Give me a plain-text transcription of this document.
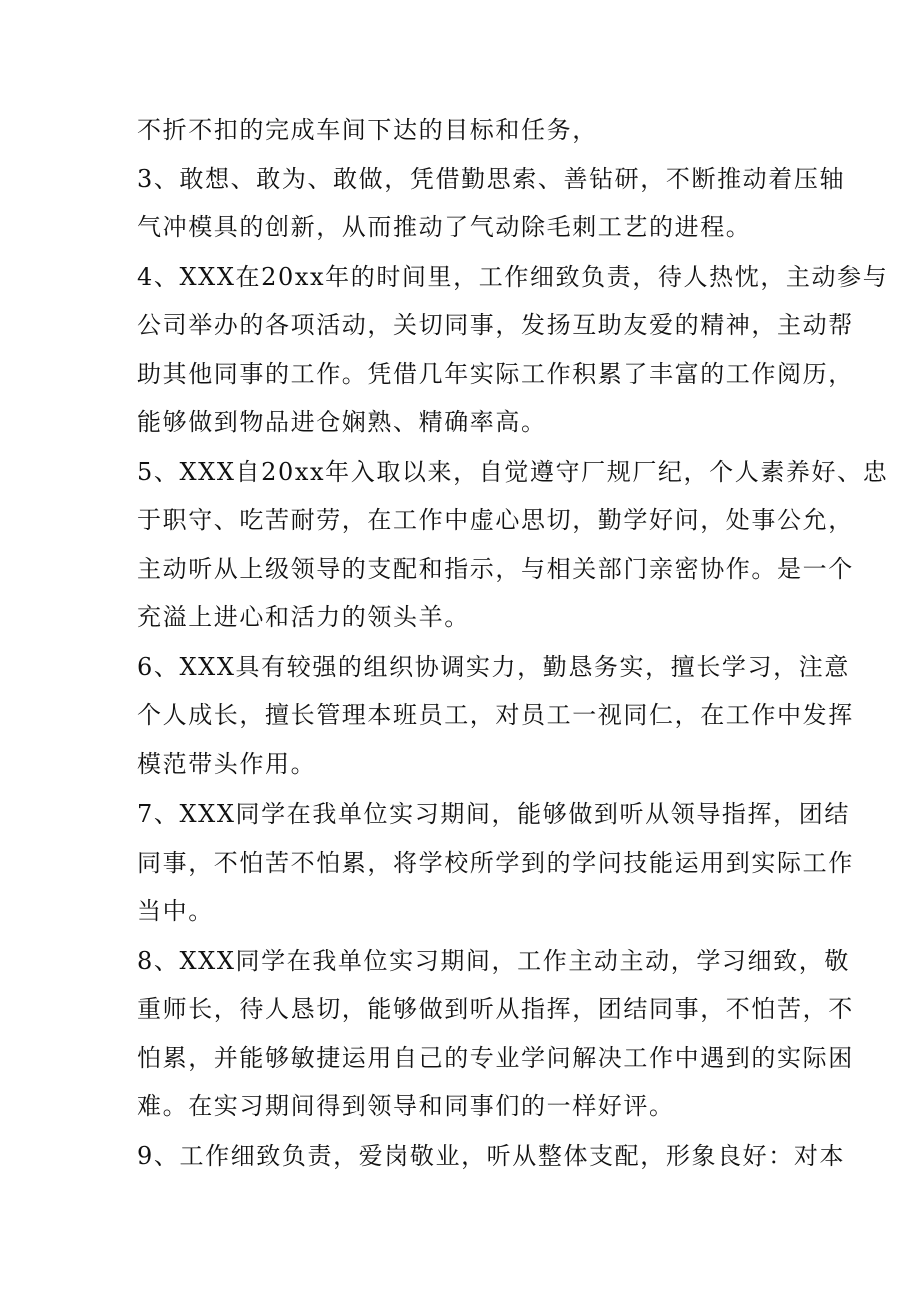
不折不扣的完成车间下达的目标和任务，
3、敢想、敢为、敢做，凭借勤思索、善钻研，不断推动着压轴
气冲模具的创新，从而推动了气动除毛刺工艺的进程。
4、XXX在20xx年的时间里，工作细致负责，待人热忱，主动参与
公司举办的各项活动，关切同事，发扬互助友爱的精神，主动帮
助其他同事的工作。凭借几年实际工作积累了丰富的工作阅历，
能够做到物品进仓娴熟、精确率高。
5、XXX自20xx年入取以来，自觉遵守厂规厂纪，个人素养好、忠
于职守、吃苦耐劳，在工作中虚心思切，勤学好问，处事公允，
主动听从上级领导的支配和指示，与相关部门亲密协作。是一个
充溢上进心和活力的领头羊。
6、XXX具有较强的组织协调实力，勤恳务实，擅长学习，注意
个人成长，擅长管理本班员工，对员工一视同仁，在工作中发挥
模范带头作用。
7、XXX同学在我单位实习期间，能够做到听从领导指挥，团结
同事，不怕苦不怕累，将学校所学到的学问技能运用到实际工作
当中。
8、XXX同学在我单位实习期间，工作主动主动，学习细致，敬
重师长，待人恳切，能够做到听从指挥，团结同事，不怕苦，不
怕累，并能够敏捷运用自己的专业学问解决工作中遇到的实际困
难。在实习期间得到领导和同事们的一样好评。
9、工作细致负责，爱岗敬业，听从整体支配，形象良好：对本
